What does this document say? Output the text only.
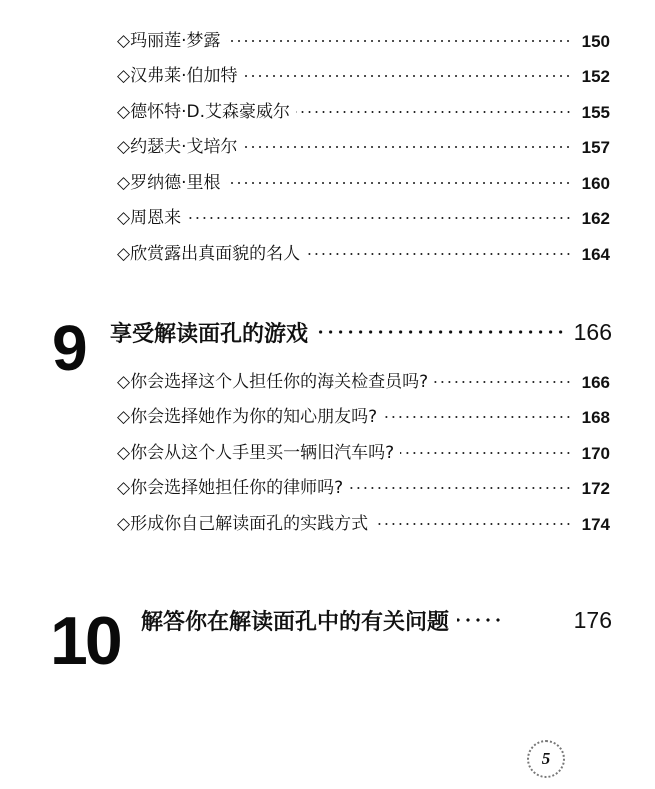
◇玛丽莲·梦露	150
◇汉弗莱·伯加特	152
◇德怀特·D.艾森豪威尔	155
◇约瑟夫·戈培尔	157
◇罗纳德·里根	160
◇周恩来	162
◇欣赏露出真面貌的名人	164
9 享受解读面孔的游戏	166
◇你会选择这个人担任你的海关检查员吗?	166
◇你会选择她作为你的知心朋友吗?	168
◇你会从这个人手里买一辆旧汽车吗?	170
◇你会选择她担任你的律师吗?	172
◇形成你自己解读面孔的实践方式	174
10 解答你在解读面孔中的有关问题	176
5
